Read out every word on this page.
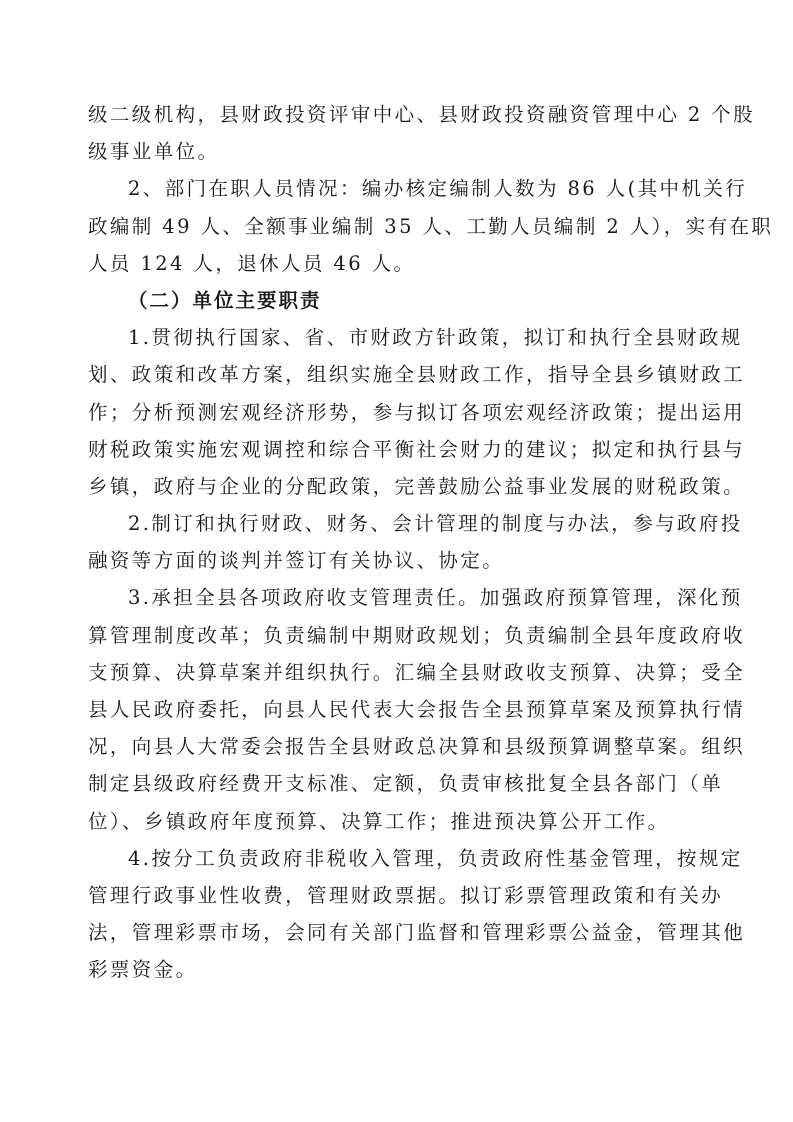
级二级机构，县财政投资评审中心、县财政投资融资管理中心 2 个股
级事业单位。
2、部门在职人员情况：编办核定编制人数为 86 人(其中机关行
政编制 49 人、全额事业编制 35 人、工勤人员编制 2 人），实有在职
人员 124 人，退休人员 46 人。
（二）单位主要职责
1.贯彻执行国家、省、市财政方针政策，拟订和执行全县财政规
划、政策和改革方案，组织实施全县财政工作，指导全县乡镇财政工
作；分析预测宏观经济形势，参与拟订各项宏观经济政策；提出运用
财税政策实施宏观调控和综合平衡社会财力的建议；拟定和执行县与
乡镇，政府与企业的分配政策，完善鼓励公益事业发展的财税政策。
2.制订和执行财政、财务、会计管理的制度与办法，参与政府投
融资等方面的谈判并签订有关协议、协定。
3.承担全县各项政府收支管理责任。加强政府预算管理，深化预
算管理制度改革；负责编制中期财政规划；负责编制全县年度政府收
支预算、决算草案并组织执行。汇编全县财政收支预算、决算；受全
县人民政府委托，向县人民代表大会报告全县预算草案及预算执行情
况，向县人大常委会报告全县财政总决算和县级预算调整草案。组织
制定县级政府经费开支标准、定额，负责审核批复全县各部门（单
位）、乡镇政府年度预算、决算工作；推进预决算公开工作。
4.按分工负责政府非税收入管理，负责政府性基金管理，按规定
管理行政事业性收费，管理财政票据。拟订彩票管理政策和有关办
法，管理彩票市场，会同有关部门监督和管理彩票公益金，管理其他
彩票资金。
